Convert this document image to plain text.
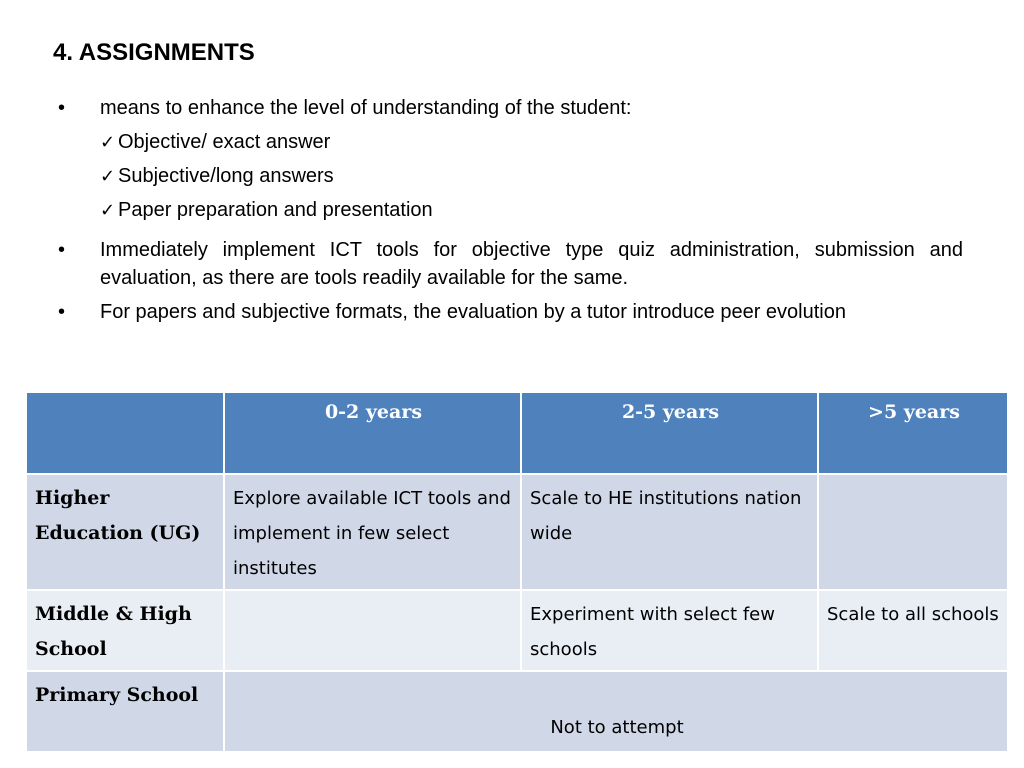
4. ASSIGNMENTS
• means to enhance the level of understanding of the student:
✓ Objective/ exact answer
✓ Subjective/long answers
✓ Paper preparation and presentation
• Immediately implement ICT tools for objective type quiz administration, submission and evaluation, as there are tools readily available for the same.
• For papers and subjective formats, the evaluation by a tutor introduce peer evolution
	0-2 years	2-5 years	>5 years
Higher Education (UG)	Explore available ICT tools and implement in few select institutes	Scale to HE institutions nation wide	
Middle & High School		Experiment with select few schools	Scale to all schools
Primary School	Not to attempt		
